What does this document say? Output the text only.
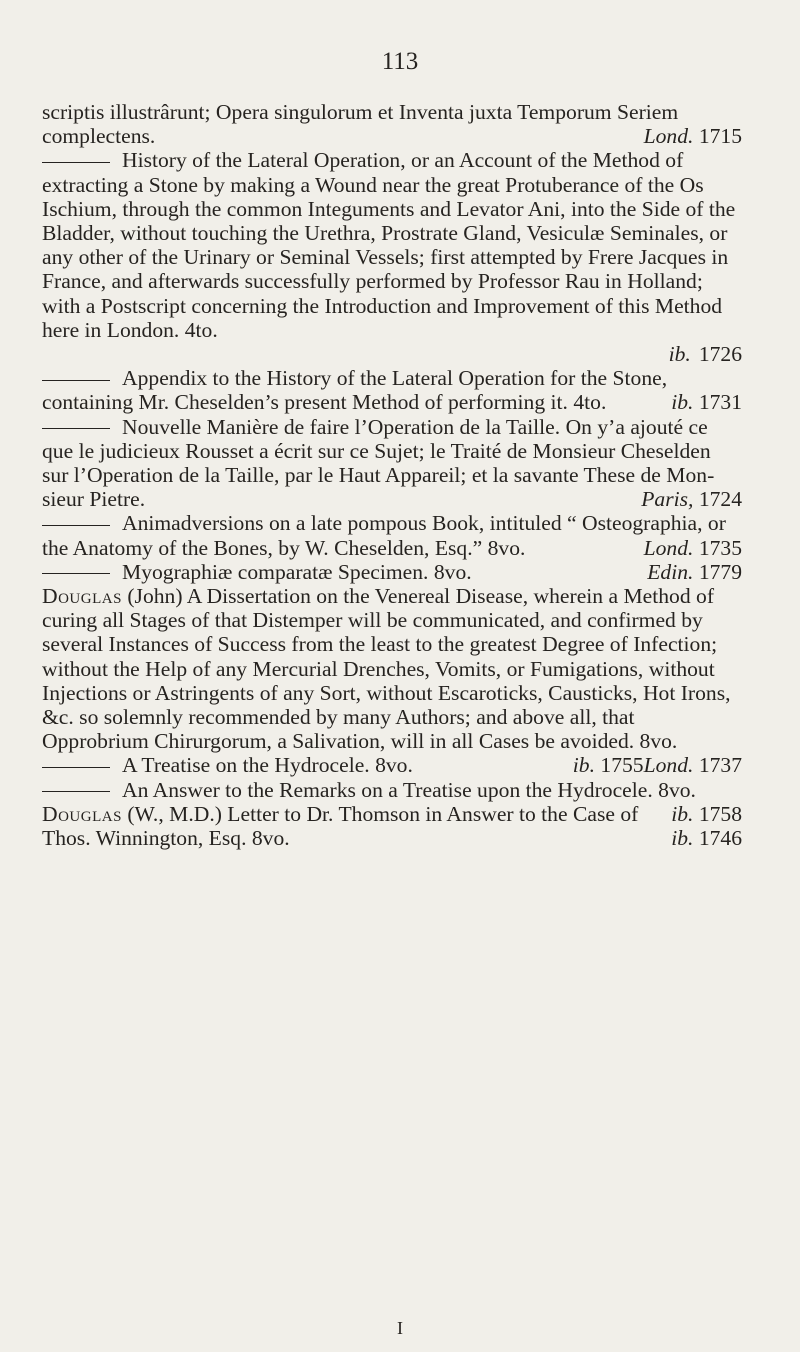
113

scriptis illustrârunt; Opera singulorum et Inventa juxta Temporum Seriem complectens.	Lond. 1715

History of the Lateral Operation, or an Account of the Method of extracting a Stone by making a Wound near the great Protuberance of the Os Ischium, through the common Integuments and Levator Ani, into the Side of the Bladder, without touching the Urethra, Prostrate Gland, Vesiculæ Seminales, or any other of the Urinary or Seminal Vessels; first attempted by Frere Jacques in France, and afterwards successfully performed by Professor Rau in Holland; with a Postscript concerning the Introduction and Improvement of this Method here in London. 4to.

ib. 1726

Appendix to the History of the Lateral Operation for the Stone, containing Mr. Cheselden’s present Method of performing it. 4to.	ib. 1731

Nouvelle Manière de faire l’Operation de la Taille. On y’a ajouté ce que le judicieux Rousset a écrit sur ce Sujet; le Traité de Monsieur Cheselden sur l’Operation de la Taille, par le Haut Appareil; et la savante These de Monsieur Pietre.	Paris, 1724

Animadversions on a late pompous Book, intituled “ Osteographia, or the Anatomy of the Bones, by W. Cheselden, Esq.” 8vo.	Lond. 1735

Myographiæ comparatæ Specimen. 8vo.	Edin. 1779

Douglas (John) A Dissertation on the Venereal Disease, wherein a Method of curing all Stages of that Distemper will be communicated, and confirmed by several Instances of Success from the least to the greatest Degree of Infection; without the Help of any Mercurial Drenches, Vomits, or Fumigations, without Injections or Astringents of any Sort, without Escaroticks, Causticks, Hot Irons, &c. so solemnly recommended by many Authors; and above all, that Opprobrium Chirurgorum, a Salivation, will in all Cases be avoided. 8vo.
Lond. 1737

A Treatise on the Hydrocele. 8vo.	ib. 1755

An Answer to the Remarks on a Treatise upon the Hydrocele. 8vo.
ib. 1758

Douglas (W., M.D.) Letter to Dr. Thomson in Answer to the Case of Thos. Winnington, Esq. 8vo.	ib. 1746

I
